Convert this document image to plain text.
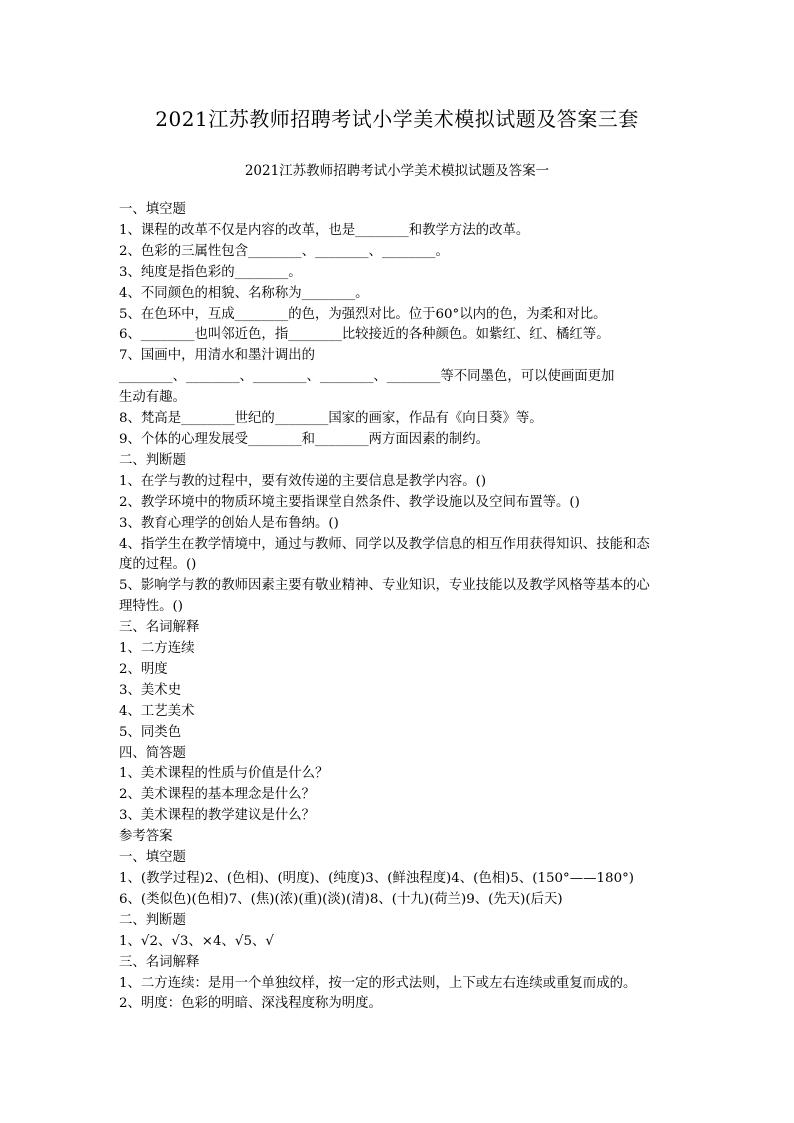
2021江苏教师招聘考试小学美术模拟试题及答案三套
2021江苏教师招聘考试小学美术模拟试题及答案一
一、填空题
1、课程的改革不仅是内容的改革，也是________和教学方法的改革。
2、色彩的三属性包含________、________、________。
3、纯度是指色彩的________。
4、不同颜色的相貌、名称称为________。
5、在色环中，互成________的色，为强烈对比。位于60°以内的色，为柔和对比。
6、________也叫邻近色，指________比较接近的各种颜色。如紫红、红、橘红等。
7、国画中，用清水和墨汁调出的
________、________、________、________、________等不同墨色，可以使画面更加
生动有趣。
8、梵高是________世纪的________国家的画家，作品有《向日葵》等。
9、个体的心理发展受________和________两方面因素的制约。
二、判断题
1、在学与教的过程中，要有效传递的主要信息是教学内容。()
2、教学环境中的物质环境主要指课堂自然条件、教学设施以及空间布置等。()
3、教育心理学的创始人是布鲁纳。()
4、指学生在教学情境中，通过与教师、同学以及教学信息的相互作用获得知识、技能和态
度的过程。()
5、影响学与教的教师因素主要有敬业精神、专业知识，专业技能以及教学风格等基本的心
理特性。()
三、名词解释
1、二方连续
2、明度
3、美术史
4、工艺美术
5、同类色
四、简答题
1、美术课程的性质与价值是什么？
2、美术课程的基本理念是什么？
3、美术课程的教学建议是什么？
参考答案
一、填空题
1、(教学过程)2、(色相)、(明度)、(纯度)3、(鲜浊程度)4、(色相)5、(150°——180°)
6、(类似色)(色相)7、(焦)(浓)(重)(淡)(清)8、(十九)(荷兰)9、(先天)(后天)
二、判断题
1、√2、√3、×4、√5、√
三、名词解释
1、二方连续：是用一个单独纹样，按一定的形式法则，上下或左右连续或重复而成的。
2、明度：色彩的明暗、深浅程度称为明度。
